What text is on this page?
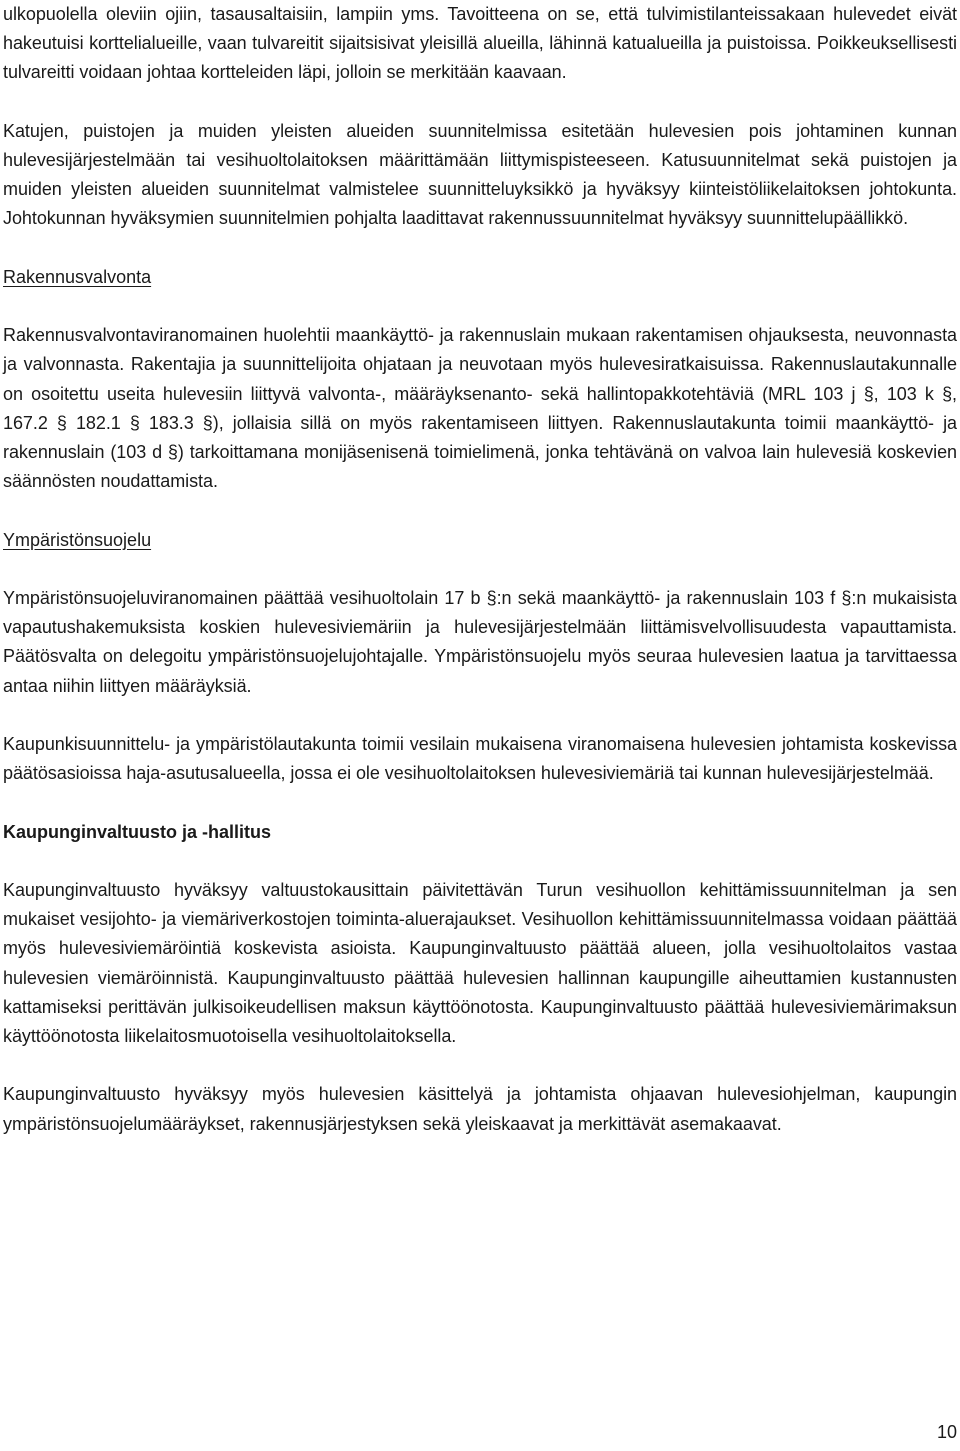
ulkopuolella oleviin ojiin, tasausaltaisiin, lampiin yms. Tavoitteena on se, että tulvimistilanteissakaan hulevedet eivät hakeutuisi korttelialueille, vaan tulvareitit sijaitsisivat yleisillä alueilla, lähinnä katualueilla ja puistoissa. Poikkeuksellisesti tulvareitti voidaan johtaa kortteleiden läpi, jolloin se merkitään kaavaan.

Katujen, puistojen ja muiden yleisten alueiden suunnitelmissa esitetään hulevesien pois johtaminen kunnan hulevesijärjestelmään tai vesihuoltolaitoksen määrittämään liittymispisteeseen. Katusuunnitelmat sekä puistojen ja muiden yleisten alueiden suunnitelmat valmistelee suunnitteluyksikkö ja hyväksyy kiinteistöliikelaitoksen johtokunta. Johtokunnan hyväksymien suunnitelmien pohjalta laadittavat rakennussuunnitelmat hyväksyy suunnittelupäällikkö.

Rakennusvalvonta

Rakennusvalvontaviranomainen huolehtii maankäyttö- ja rakennuslain mukaan rakentamisen ohjauksesta, neuvonnasta ja valvonnasta. Rakentajia ja suunnittelijoita ohjataan ja neuvotaan myös hulevesiratkaisuissa. Rakennuslautakunnalle on osoitettu useita hulevesiin liittyvä valvonta-, määräyksenanto- sekä hallintopakkotehtäviä (MRL 103 j §, 103 k §, 167.2 § 182.1 § 183.3 §), jollaisia sillä on myös rakentamiseen liittyen. Rakennuslautakunta toimii maankäyttö- ja rakennuslain (103 d §) tarkoittamana monijäsenisenä toimielimenä, jonka tehtävänä on valvoa lain hulevesiä koskevien säännösten noudattamista.

Ympäristönsuojelu

Ympäristönsuojeluviranomainen päättää vesihuoltolain 17 b §:n sekä maankäyttö- ja rakennuslain 103 f §:n mukaisista vapautushakemuksista koskien hulevesiviemäriin ja hulevesijärjestelmään liittämisvelvollisuudesta vapauttamista. Päätösvalta on delegoitu ympäristönsuojelujohtajalle. Ympäristönsuojelu myös seuraa hulevesien laatua ja tarvittaessa antaa niihin liittyen määräyksiä.

Kaupunkisuunnittelu- ja ympäristölautakunta toimii vesilain mukaisena viranomaisena hulevesien johtamista koskevissa päätösasioissa haja-asutusalueella, jossa ei ole vesihuoltolaitoksen hulevesiviemäriä tai kunnan hulevesijärjestelmää.

Kaupunginvaltuusto ja -hallitus

Kaupunginvaltuusto hyväksyy valtuustokausittain päivitettävän Turun vesihuollon kehittämissuunnitelman ja sen mukaiset vesijohto- ja viemäriverkostojen toiminta-aluerajaukset. Vesihuollon kehittämissuunnitelmassa voidaan päättää myös hulevesiviemäröintiä koskevista asioista. Kaupunginvaltuusto päättää alueen, jolla vesihuoltolaitos vastaa hulevesien viemäröinnistä. Kaupunginvaltuusto päättää hulevesien hallinnan kaupungille aiheuttamien kustannusten kattamiseksi perittävän julkisoikeudellisen maksun käyttöönotosta. Kaupunginvaltuusto päättää hulevesiviemärimaksun käyttöönotosta liikelaitosmuotoisella vesihuoltolaitoksella.

Kaupunginvaltuusto hyväksyy myös hulevesien käsittelyä ja johtamista ohjaavan hulevesiohjelman, kaupungin ympäristönsuojelumääräykset, rakennusjärjestyksen sekä yleiskaavat ja merkittävät asemakaavat.

10
